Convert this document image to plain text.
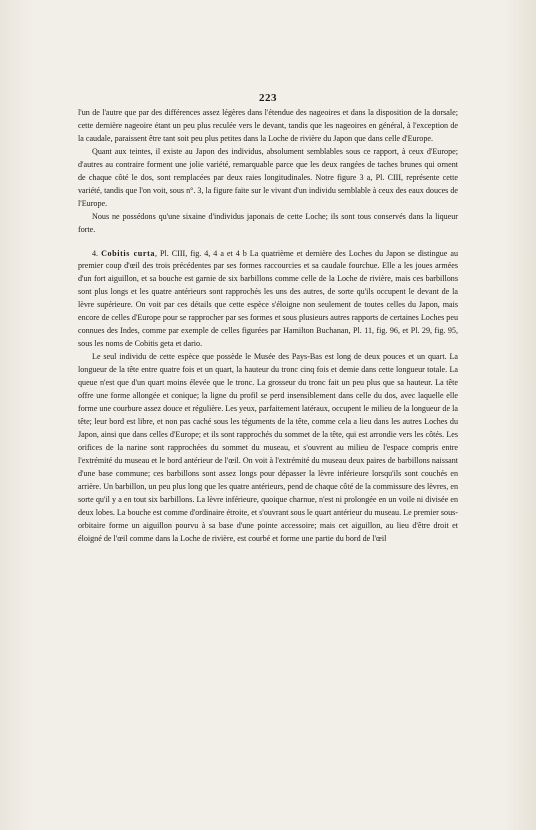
223

l'un de l'autre que par des différences assez légères dans l'étendue des nageoires et dans la disposition de la dorsale; cette dernière nageoire étant un peu plus reculée vers le devant, tandis que les nageoires en général, à l'exception de la caudale, paraissent être tant soit peu plus petites dans la Loche de rivière du Japon que dans celle d'Europe.

Quant aux teintes, il existe au Japon des individus, absolument semblables sous ce rapport, à ceux d'Europe; d'autres au contraire forment une jolie variété, remarquable parce que les deux rangées de taches brunes qui ornent de chaque côté le dos, sont remplacées par deux raies longitudinales. Notre figure 3 a, Pl. CIII, représente cette variété, tandis que l'on voit, sous n°. 3, la figure faite sur le vivant d'un individu semblable à ceux des eaux douces de l'Europe.

Nous ne possédons qu'une sixaine d'individus japonais de cette Loche; ils sont tous conservés dans la liqueur forte.

4. Cobitis curta, Pl. CIII, fig. 4, 4 a et 4 b La quatrième et dernière des Loches du Japon se distingue au premier coup d'œil des trois précédentes par ses formes raccourcies et sa caudale fourchue. Elle a les joues armées d'un fort aiguillon, et sa bouche est garnie de six barbillons comme celle de la Loche de rivière, mais ces barbillons sont plus longs et les quatre antérieurs sont rapprochés les uns des autres, de sorte qu'ils occupent le devant de la lèvre supérieure. On voit par ces détails que cette espèce s'éloigne non seulement de toutes celles du Japon, mais encore de celles d'Europe pour se rapprocher par ses formes et sous plusieurs autres rapports de certaines Loches peu connues des Indes, comme par exemple de celles figurées par Hamilton Buchanan, Pl. 11, fig. 96, et Pl. 29, fig. 95, sous les noms de Cobitis geta et dario.

Le seul individu de cette espèce que possède le Musée des Pays-Bas est long de deux pouces et un quart. La longueur de la tête entre quatre fois et un quart, la hauteur du tronc cinq fois et demie dans cette longueur totale. La queue n'est que d'un quart moins élevée que le tronc. La grosseur du tronc fait un peu plus que sa hauteur. La tête offre une forme allongée et conique; la ligne du profil se perd insensiblement dans celle du dos, avec laquelle elle forme une courbure assez douce et régulière. Les yeux, parfaitement latéraux, occupent le milieu de la longueur de la tête; leur bord est libre, et non pas caché sous les téguments de la tête, comme cela a lieu dans les autres Loches du Japon, ainsi que dans celles d'Europe; et ils sont rapprochés du sommet de la tête, qui est arrondie vers les côtés. Les orifices de la narine sont rapprochées du sommet du museau, et s'ouvrent au milieu de l'espace compris entre l'extrémité du museau et le bord antérieur de l'œil. On voit à l'extrémité du museau deux paires de barbillons naissant d'une base commune; ces barbillons sont assez longs pour dépasser la lèvre inférieure lorsqu'ils sont couchés en arrière. Un barbillon, un peu plus long que les quatre antérieurs, pend de chaque côté de la commissure des lèvres, en sorte qu'il y a en tout six barbillons. La lèvre inférieure, quoique charnue, n'est ni prolongée en un voile ni divisée en deux lobes. La bouche est comme d'ordinaire étroite, et s'ouvrant sous le quart antérieur du museau. Le premier sous-orbitaire forme un aiguillon pourvu à sa base d'une pointe accessoire; mais cet aiguillon, au lieu d'être droit et éloigné de l'œil comme dans la Loche de rivière, est courbé et forme une partie du bord de l'œil
